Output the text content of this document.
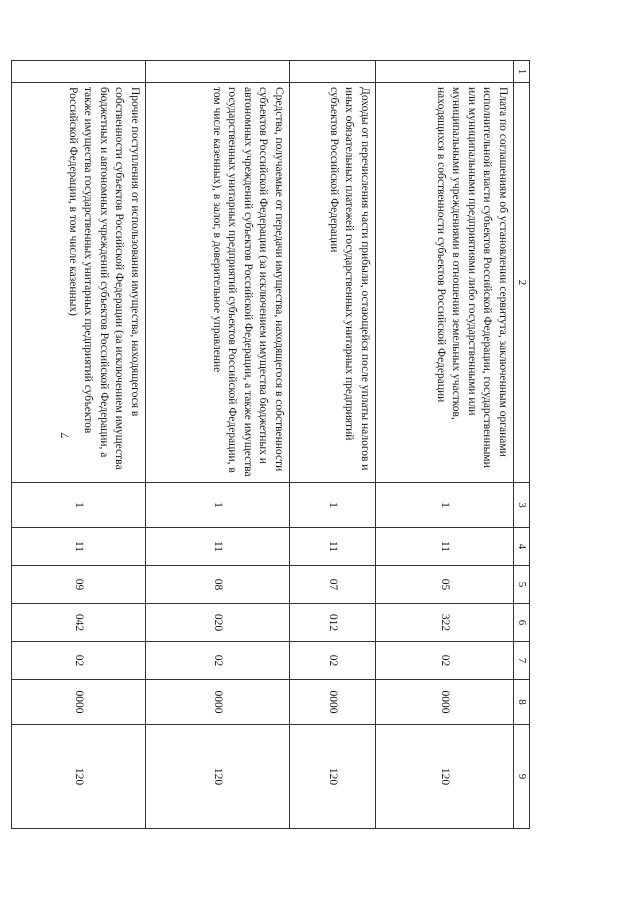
7
1	2	3	4	5	6	7	8	9
	Плата по соглашениям об установлении сервитута, заключенным органами исполнительной власти субъектов Российской Федерации, государственными или муниципальными предприятиями либо государственными или муниципальными учреждениями в отношении земельных участков, находящихся в собственности субъектов Российской Федерации	1	11	05	322	02	0000	120
	Доходы от перечисления части прибыли, остающейся после уплаты налогов и иных обязательных платежей государственных унитарных предприятий субъектов Российской Федерации	1	11	07	012	02	0000	120
	Средства, получаемые от передачи имущества, находящегося в собственности субъектов Российской Федерации (за исключением имущества бюджетных и автономных учреждений субъектов Российской Федерации, а также имущества государственных унитарных предприятий субъектов Российской Федерации, в том числе казенных), в залог, в доверительное управление	1	11	08	020	02	0000	120
	Прочие поступления от использования имущества, находящегося в собственности субъектов Российской Федерации (за исключением имущества бюджетных и автономных учреждений субъектов Российской Федерации, а также имущества государственных унитарных предприятий субъектов Российской Федерации, в том числе казенных)	1	11	09	042	02	0000	120
